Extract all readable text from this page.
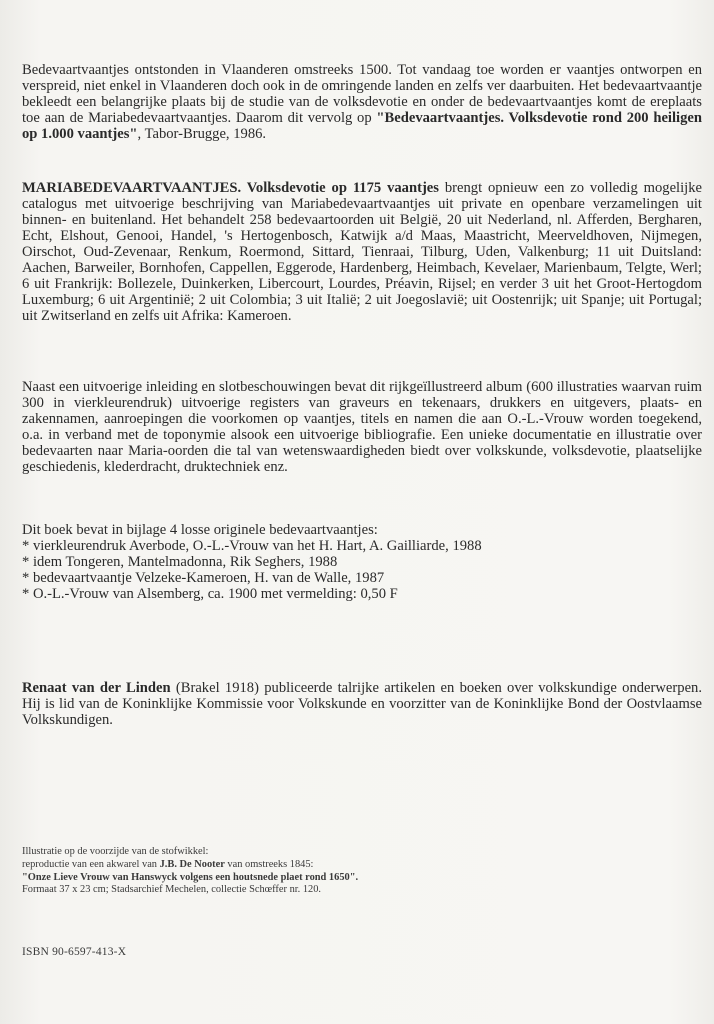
Bedevaartvaantjes ontstonden in Vlaanderen omstreeks 1500. Tot vandaag toe worden er vaantjes ontworpen en verspreid, niet enkel in Vlaanderen doch ook in de omringende landen en zelfs ver daarbuiten. Het bedevaartvaantje bekleedt een belangrijke plaats bij de studie van de volksdevotie en onder de bedevaartvaantjes komt de ereplaats toe aan de Mariabedevaartvaantjes. Daarom dit vervolg op "Bedevaartvaantjes. Volksdevotie rond 200 heiligen op 1.000 vaantjes", Tabor-Brugge, 1986.

MARIABEDEVAARTVAANTJES. Volksdevotie op 1175 vaantjes brengt opnieuw een zo volledig mogelijke catalogus met uitvoerige beschrijving van Mariabedevaartvaantjes uit private en openbare verzamelingen uit binnen- en buitenland. Het behandelt 258 bedevaartoorden uit België, 20 uit Nederland, nl. Afferden, Bergharen, Echt, Elshout, Genooi, Handel, 's Hertogenbosch, Katwijk a/d Maas, Maastricht, Meerveldhoven, Nijmegen, Oirschot, Oud-Zevenaar, Renkum, Roermond, Sittard, Tienraai, Tilburg, Uden, Valkenburg; 11 uit Duitsland: Aachen, Barweiler, Bornhofen, Cappellen, Eggerode, Hardenberg, Heimbach, Kevelaer, Marienbaum, Telgte, Werl; 6 uit Frankrijk: Bollezele, Duinkerken, Libercourt, Lourdes, Préavin, Rijsel; en verder 3 uit het Groot-Hertogdom Luxemburg; 6 uit Argentinië; 2 uit Colombia; 3 uit Italië; 2 uit Joegoslavië; uit Oostenrijk; uit Spanje; uit Portugal; uit Zwitserland en zelfs uit Afrika: Kameroen.

Naast een uitvoerige inleiding en slotbeschouwingen bevat dit rijkgeïllustreerd album (600 illustraties waarvan ruim 300 in vierkleurendruk) uitvoerige registers van graveurs en tekenaars, drukkers en uitgevers, plaats- en zakennamen, aanroepingen die voorkomen op vaantjes, titels en namen die aan O.-L.-Vrouw worden toegekend, o.a. in verband met de toponymie alsook een uitvoerige bibliografie. Een unieke documentatie en illustratie over bedevaarten naar Maria-oorden die tal van wetenswaardigheden biedt over volkskunde, volksdevotie, plaatselijke geschiedenis, klederdracht, druktechniek enz.

Dit boek bevat in bijlage 4 losse originele bedevaartvaantjes:
* vierkleurendruk Averbode, O.-L.-Vrouw van het H. Hart, A. Gailliarde, 1988
* idem Tongeren, Mantelmadonna, Rik Seghers, 1988
* bedevaartvaantje Velzeke-Kameroen, H. van de Walle, 1987
* O.-L.-Vrouw van Alsemberg, ca. 1900 met vermelding: 0,50 F

Renaat van der Linden (Brakel 1918) publiceerde talrijke artikelen en boeken over volkskundige onderwerpen. Hij is lid van de Koninklijke Kommissie voor Volkskunde en voorzitter van de Koninklijke Bond der Oostvlaamse Volkskundigen.

Illustratie op de voorzijde van de stofwikkel:
reproductie van een akwarel van J.B. De Nooter van omstreeks 1845:
"Onze Lieve Vrouw van Hanswyck volgens een houtsnede plaet rond 1650".
Formaat 37 x 23 cm; Stadsarchief Mechelen, collectie Schœffer nr. 120.
ISBN 90-6597-413-X
